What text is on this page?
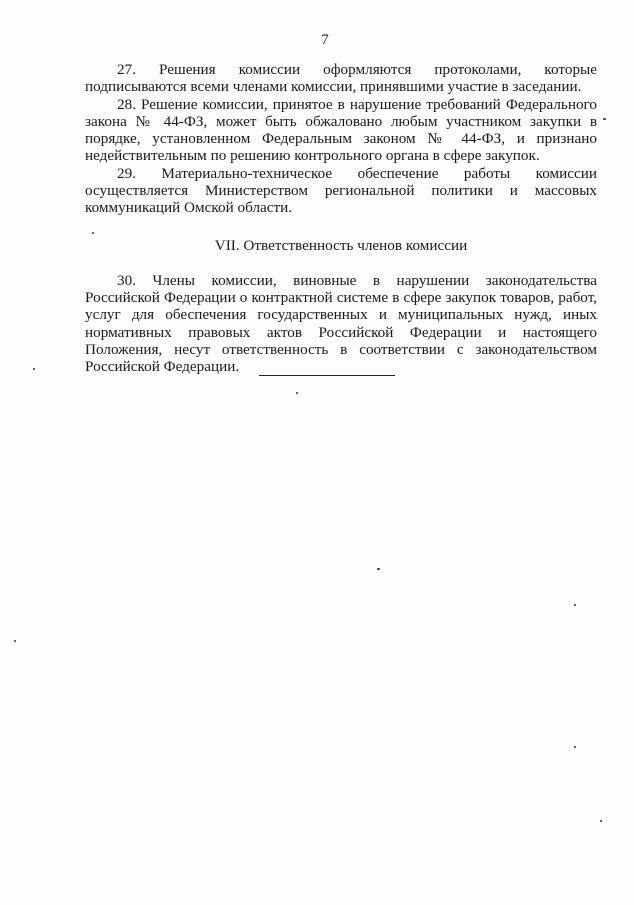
7

27. Решения комиссии оформляются протоколами, которые подписываются всеми членами комиссии, принявшими участие в заседании.

28. Решение комиссии, принятое в нарушение требований Федерального закона № 44-ФЗ, может быть обжаловано любым участником закупки в порядке, установленном Федеральным законом № 44-ФЗ, и признано недействительным по решению контрольного органа в сфере закупок.

29. Материально-техническое обеспечение работы комиссии осуществляется Министерством региональной политики и массовых коммуникаций Омской области.

VII. Ответственность членов комиссии

30. Члены комиссии, виновные в нарушении законодательства Российской Федерации о контрактной системе в сфере закупок товаров, работ, услуг для обеспечения государственных и муниципальных нужд, иных нормативных правовых актов Российской Федерации и настоящего Положения, несут ответственность в соответствии с законодательством Российской Федерации.
